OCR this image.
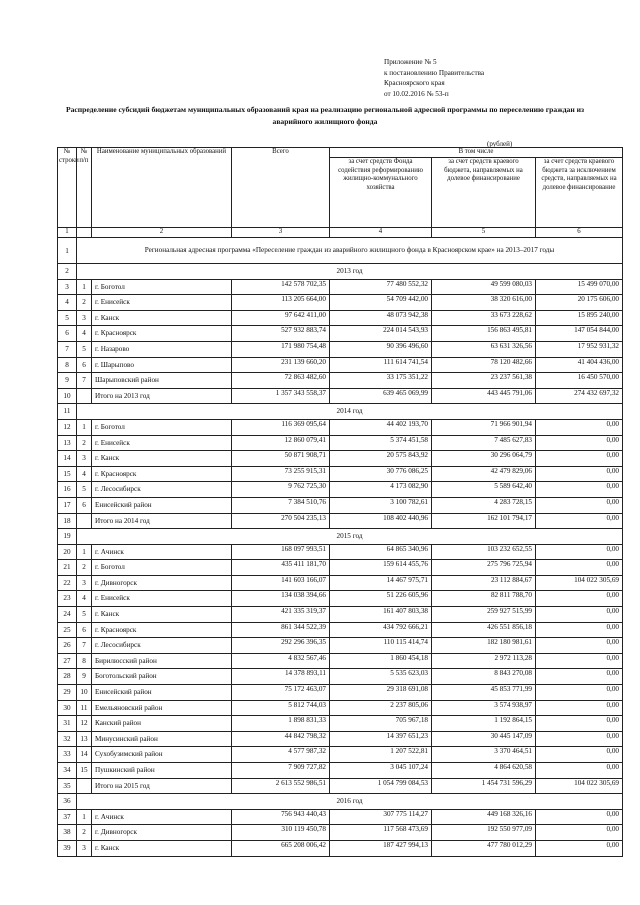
Приложение № 5
к постановлению Правительства
Красноярского края
от 10.02.2016 № 53-п
Распределение субсидий бюджетам муниципальных образований края на реализацию региональной адресной программы по переселению граждан из аварийного жилищного фонда
(рублей)
№ строки	№ п/п	Наименование муниципальных образований	Всего	В том числе		
				за счет средств Фонда содействия реформированию жилищно-коммунального хозяйства	за счет средств краевого бюджета, направляемых на долевое финансирование	за счет средств краевого бюджета за исключением средств, направляемых на долевое финансирование
1		2	3	4	5	6
1	Региональная адресная программа «Переселение граждан из аварийного жилищного фонда в Красноярском крае» на 2013–2017 годы					
2	2013 год					
3	1	г. Боготол	142 578 702,35	77 480 552,32	49 599 080,03	15 499 070,00
4	2	г. Енисейск	113 205 664,00	54 709 442,00	38 320 616,00	20 175 606,00
5	3	г. Канск	97 642 411,00	48 073 942,38	33 673 228,62	15 895 240,00
6	4	г. Красноярск	527 932 883,74	224 014 543,93	156 863 495,81	147 054 844,00
7	5	г. Назарово	171 980 754,48	90 396 496,60	63 631 326,56	17 952 931,32
8	6	г. Шарыпово	231 139 660,20	111 614 741,54	78 120 482,66	41 404 436,00
9	7	Шарыповский район	72 863 482,60	33 175 351,22	23 237 561,38	16 450 570,00
10		Итого на 2013 год	1 357 343 558,37	639 465 069,99	443 445 791,06	274 432 697,32
11	2014 год					
12	1	г. Боготол	116 369 095,64	44 402 193,70	71 966 901,94	0,00
13	2	г. Енисейск	12 860 079,41	5 374 451,58	7 485 627,83	0,00
14	3	г. Канск	50 871 908,71	20 575 843,92	30 296 064,79	0,00
15	4	г. Красноярск	73 255 915,31	30 776 086,25	42 479 829,06	0,00
16	5	г. Лесосибирск	9 762 725,30	4 173 082,90	5 589 642,40	0,00
17	6	Енисейский район	7 384 510,76	3 100 782,61	4 283 728,15	0,00
18		Итого на 2014 год	270 504 235,13	108 402 440,96	162 101 794,17	0,00
19	2015 год					
20	1	г. Ачинск	168 097 993,51	64 865 340,96	103 232 652,55	0,00
21	2	г. Боготол	435 411 181,70	159 614 455,76	275 796 725,94	0,00
22	3	г. Дивногорск	141 603 166,07	14 467 975,71	23 112 884,67	104 022 305,69
23	4	г. Енисейск	134 038 394,66	51 226 605,96	82 811 788,70	0,00
24	5	г. Канск	421 335 319,37	161 407 803,38	259 927 515,99	0,00
25	6	г. Красноярск	861 344 522,39	434 792 666,21	426 551 856,18	0,00
26	7	г. Лесосибирск	292 296 396,35	110 115 414,74	182 180 981,61	0,00
27	8	Бирилюсский район	4 832 567,46	1 860 454,18	2 972 113,28	0,00
28	9	Боготольский район	14 378 893,11	5 535 623,03	8 843 270,08	0,00
29	10	Енисейский район	75 172 463,07	29 318 691,08	45 853 771,99	0,00
30	11	Емельяновский район	5 812 744,03	2 237 805,06	3 574 938,97	0,00
31	12	Канский район	1 898 831,33	705 967,18	1 192 864,15	0,00
32	13	Минусинский район	44 842 798,32	14 397 651,23	30 445 147,09	0,00
33	14	Сухобузимский район	4 577 987,32	1 207 522,81	3 370 464,51	0,00
34	15	Пушкинский район	7 909 727,82	3 045 107,24	4 864 620,58	0,00
35		Итого на 2015 год	2 613 552 986,51	1 054 799 084,53	1 454 731 596,29	104 022 305,69
36	2016 год					
37	1	г. Ачинск	756 943 440,43	307 775 114,27	449 168 326,16	0,00
38	2	г. Дивногорск	310 119 450,78	117 568 473,69	192 550 977,09	0,00
39	3	г. Канск	665 208 006,42	187 427 994,13	477 780 012,29	0,00
